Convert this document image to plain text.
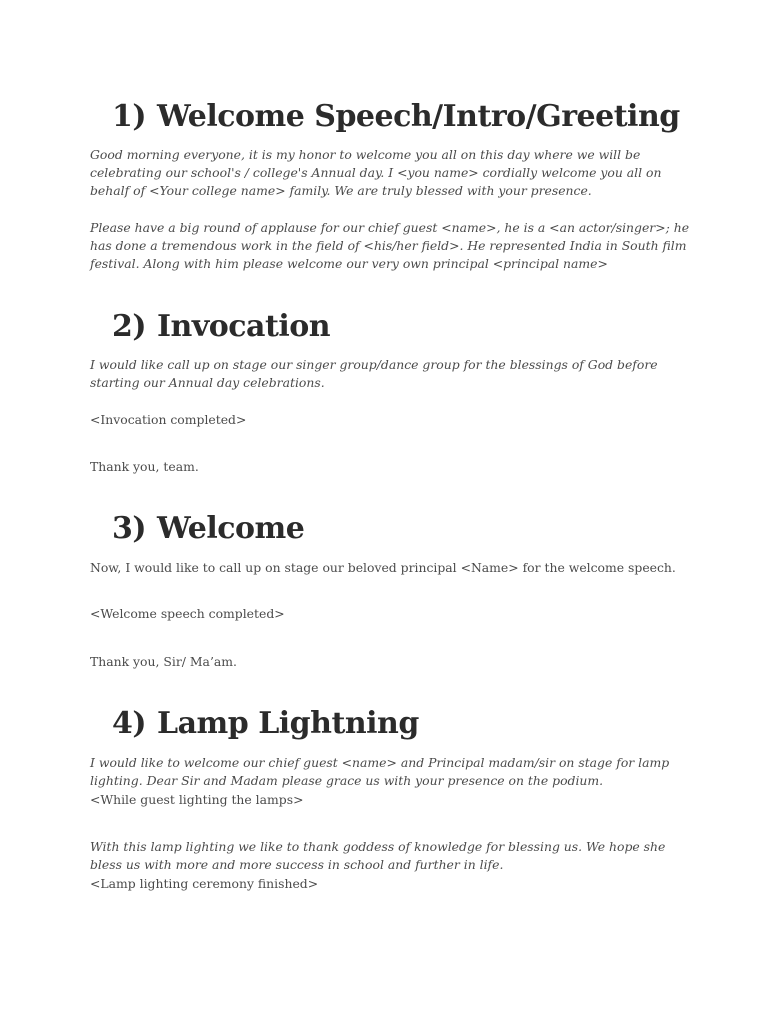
1) Welcome Speech/Intro/Greeting

Good morning everyone, it is my honor to welcome you all on this day where we will be

celebrating our school's / college's Annual day. I <you name> cordially welcome you all on

behalf of <Your college name> family. We are truly blessed with your presence.

Please have a big round of applause for our chief guest <name>, he is a <an actor/singer>; he

has done a tremendous work in the field of <his/her field>. He represented India in South film

festival. Along with him please welcome our very own principal <principal name>

2) Invocation

I would like call up on stage our singer group/dance group for the blessings of God before

starting our Annual day celebrations.

<Invocation completed>

Thank you, team.

3) Welcome

Now, I would like to call up on stage our beloved principal <Name> for the welcome speech.

<Welcome speech completed>

Thank you, Sir/ Ma’am.

4) Lamp Lightning

I would like to welcome our chief guest <name> and Principal madam/sir on stage for lamp

lighting. Dear Sir and Madam please grace us with your presence on the podium.

<While guest lighting the lamps>

With this lamp lighting we like to thank goddess of knowledge for blessing us. We hope she

bless us with more and more success in school and further in life.

<Lamp lighting ceremony finished>
